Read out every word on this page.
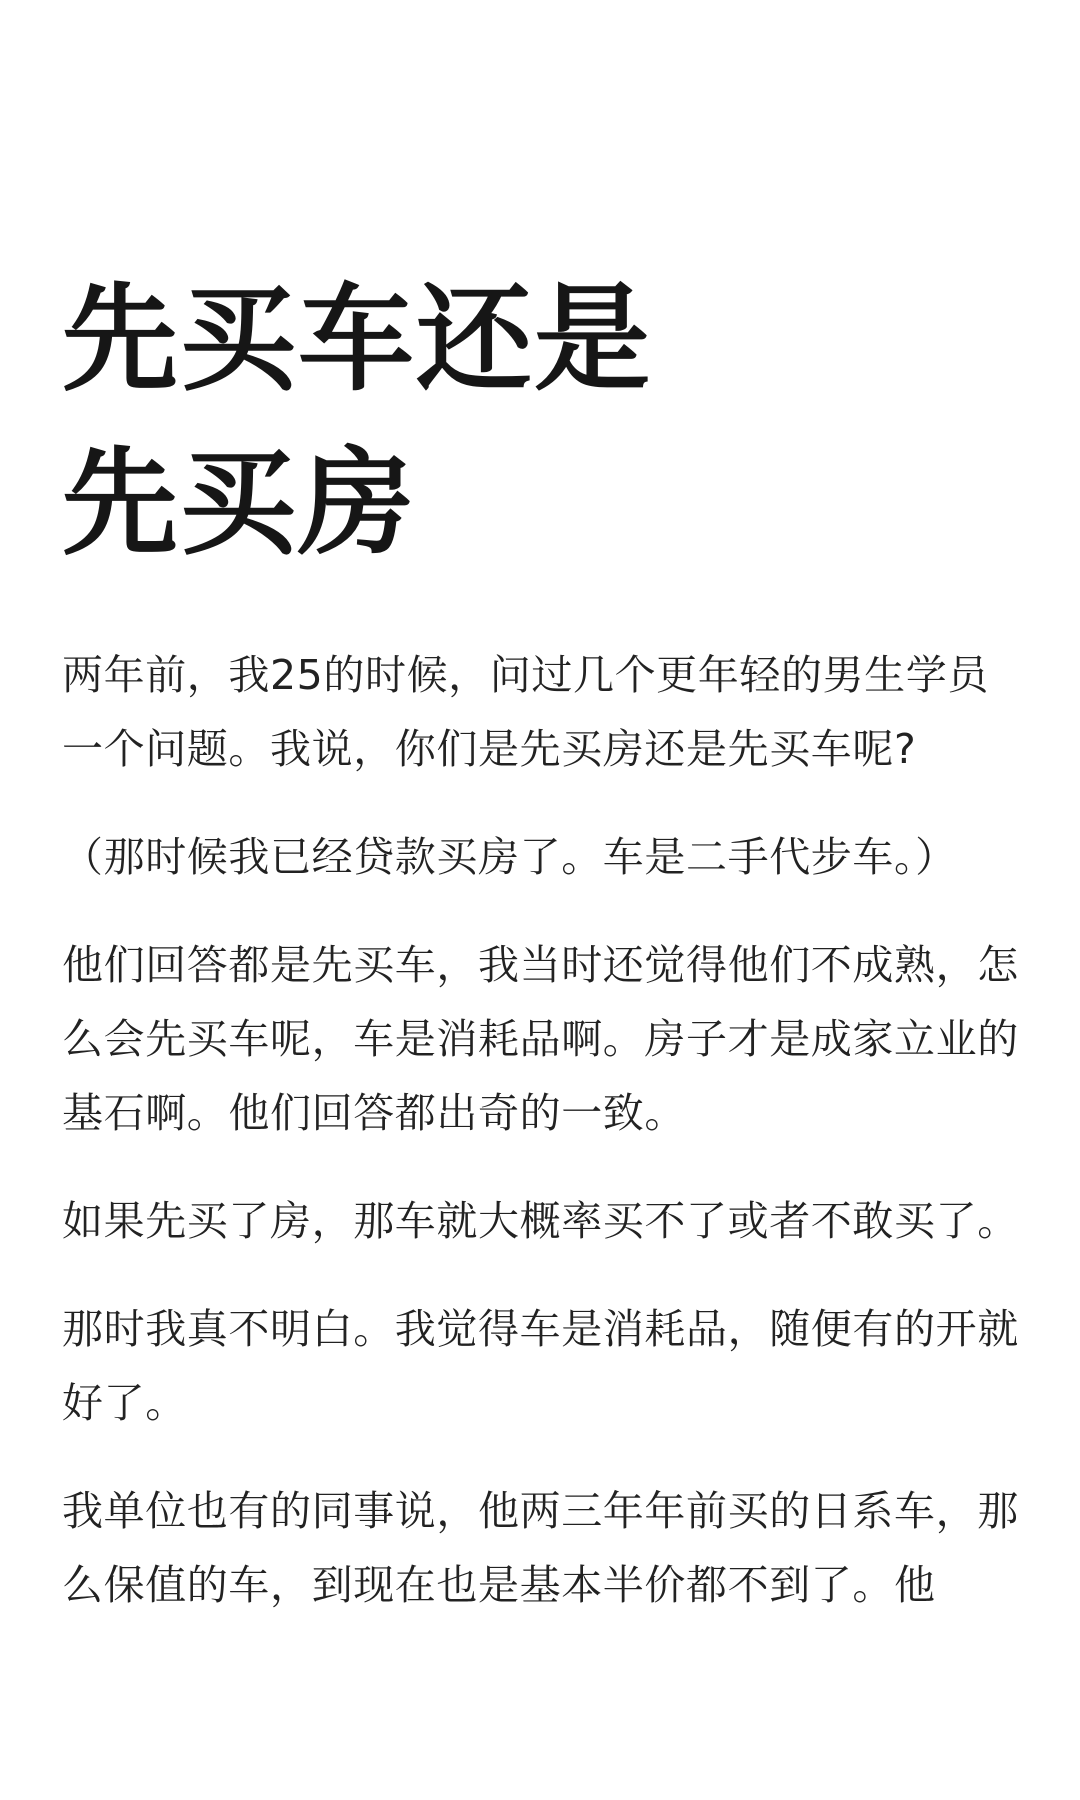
先买车还是
先买房

两年前，我25的时候，问过几个更年轻的男生学员一个问题。我说，你们是先买房还是先买车呢?

（那时候我已经贷款买房了。车是二手代步车。）

他们回答都是先买车，我当时还觉得他们不成熟，怎么会先买车呢，车是消耗品啊。房子才是成家立业的基石啊。他们回答都出奇的一致。

如果先买了房，那车就大概率买不了或者不敢买了。

那时我真不明白。我觉得车是消耗品，随便有的开就好了。

我单位也有的同事说，他两三年年前买的日系车，那么保值的车，到现在也是基本半价都不到了。他
